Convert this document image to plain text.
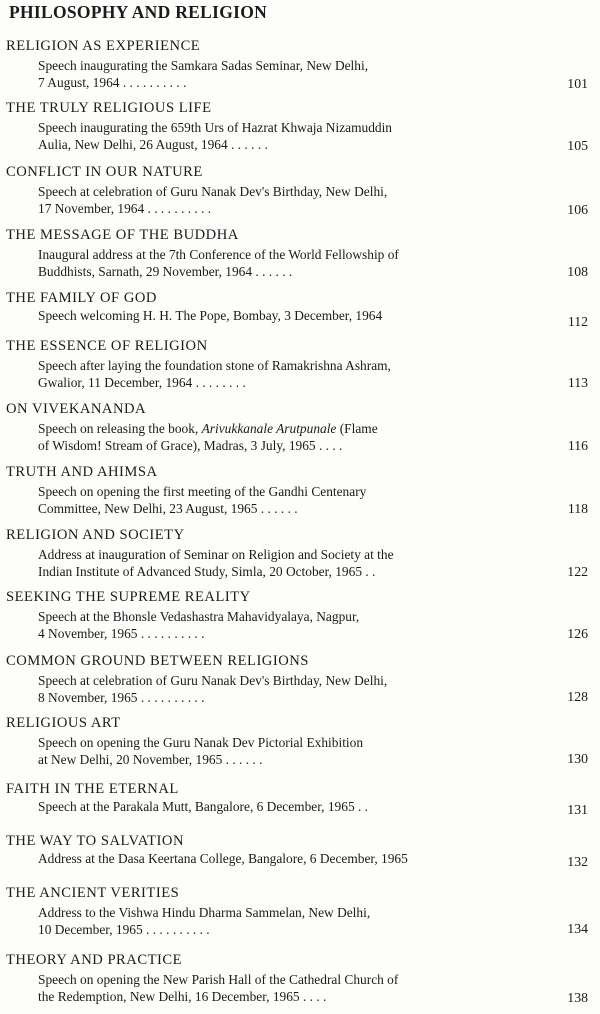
PHILOSOPHY AND RELIGION
RELIGION AS EXPERIENCE
Speech inaugurating the Samkara Sadas Seminar, New Delhi,
7 August, 1964 . . . . . . . . . .	101
THE TRULY RELIGIOUS LIFE
Speech inaugurating the 659th Urs of Hazrat Khwaja Nizamuddin
Aulia, New Delhi, 26 August, 1964 . . . . . .	105
CONFLICT IN OUR NATURE
Speech at celebration of Guru Nanak Dev's Birthday, New Delhi,
17 November, 1964 . . . . . . . . . .	106
THE MESSAGE OF THE BUDDHA
Inaugural address at the 7th Conference of the World Fellowship of
Buddhists, Sarnath, 29 November, 1964 . . . . . .	108
THE FAMILY OF GOD
Speech welcoming H. H. The Pope, Bombay, 3 December, 1964	112
THE ESSENCE OF RELIGION
Speech after laying the foundation stone of Ramakrishna Ashram,
Gwalior, 11 December, 1964 . . . . . . . .	113
ON VIVEKANANDA
Speech on releasing the book, Arivukkanale Arutpunale (Flame
of Wisdom! Stream of Grace), Madras, 3 July, 1965 . . . .	116
TRUTH AND AHIMSA
Speech on opening the first meeting of the Gandhi Centenary
Committee, New Delhi, 23 August, 1965 . . . . . .	118
RELIGION AND SOCIETY
Address at inauguration of Seminar on Religion and Society at the
Indian Institute of Advanced Study, Simla, 20 October, 1965 . .	122
SEEKING THE SUPREME REALITY
Speech at the Bhonsle Vedashastra Mahavidyalaya, Nagpur,
4 November, 1965 . . . . . . . . . .	126
COMMON GROUND BETWEEN RELIGIONS
Speech at celebration of Guru Nanak Dev's Birthday, New Delhi,
8 November, 1965 . . . . . . . . . .	128
RELIGIOUS ART
Speech on opening the Guru Nanak Dev Pictorial Exhibition
at New Delhi, 20 November, 1965 . . . . . .	130
FAITH IN THE ETERNAL
Speech at the Parakala Mutt, Bangalore, 6 December, 1965 . .	131
THE WAY TO SALVATION
Address at the Dasa Keertana College, Bangalore, 6 December, 1965	132
THE ANCIENT VERITIES
Address to the Vishwa Hindu Dharma Sammelan, New Delhi,
10 December, 1965 . . . . . . . . . .	134
THEORY AND PRACTICE
Speech on opening the New Parish Hall of the Cathedral Church of
the Redemption, New Delhi, 16 December, 1965 . . . .	138
